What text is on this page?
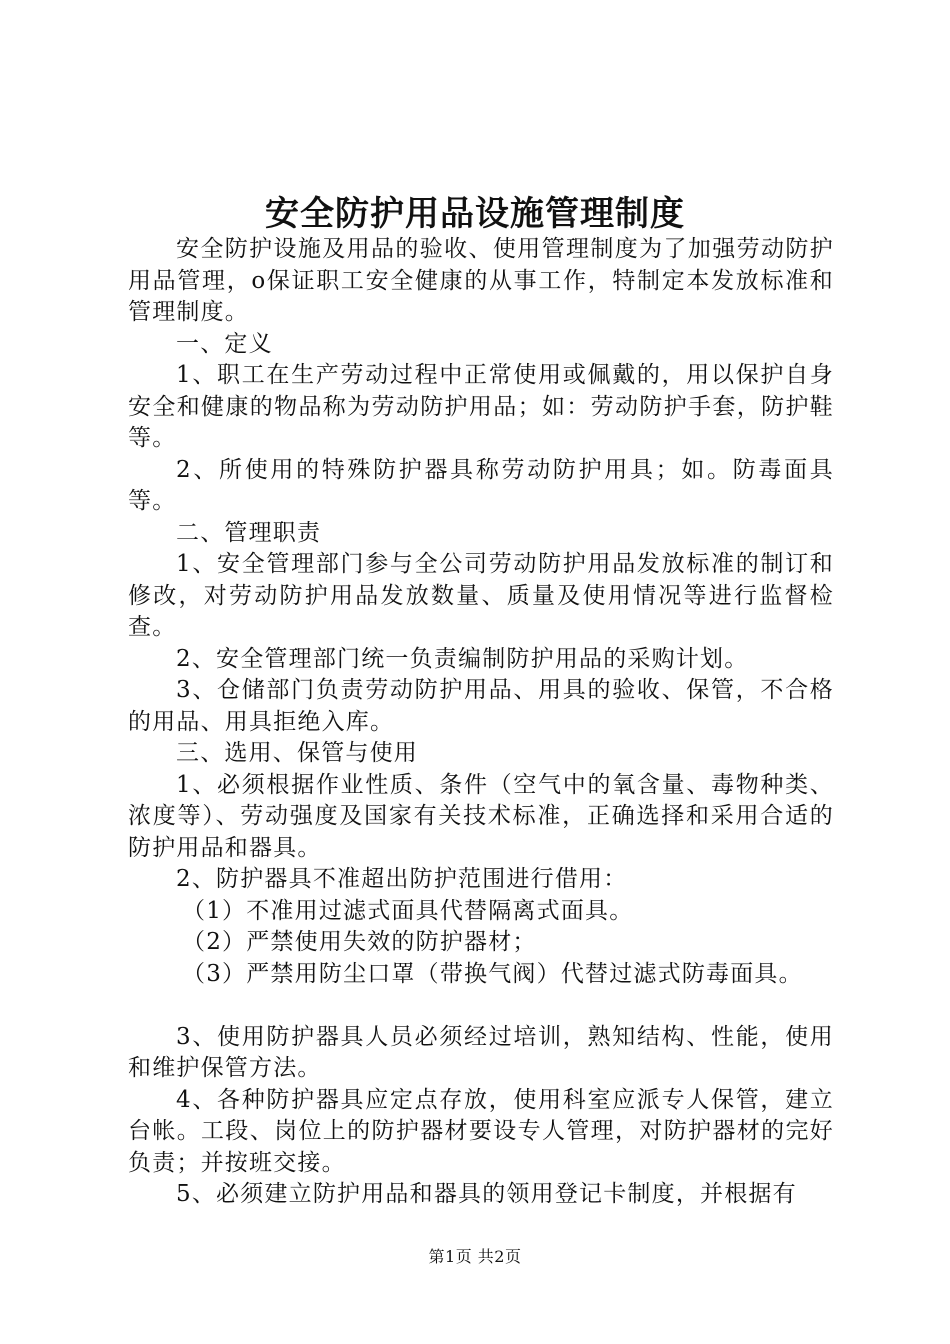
安全防护用品设施管理制度

安全防护设施及用品的验收、使用管理制度为了加强劳动防护用品管理，o保证职工安全健康的从事工作，特制定本发放标准和管理制度。

一、定义

1、职工在生产劳动过程中正常使用或佩戴的，用以保护自身安全和健康的物品称为劳动防护用品；如：劳动防护手套，防护鞋等。

2、所使用的特殊防护器具称劳动防护用具；如。防毒面具等。

二、管理职责

1、安全管理部门参与全公司劳动防护用品发放标准的制订和修改，对劳动防护用品发放数量、质量及使用情况等进行监督检查。

2、安全管理部门统一负责编制防护用品的采购计划。

3、仓储部门负责劳动防护用品、用具的验收、保管，不合格的用品、用具拒绝入库。

三、选用、保管与使用

1、必须根据作业性质、条件（空气中的氧含量、毒物种类、浓度等）、劳动强度及国家有关技术标准，正确选择和采用合适的防护用品和器具。

2、防护器具不准超出防护范围进行借用：

（1）不准用过滤式面具代替隔离式面具。

（2）严禁使用失效的防护器材；

（3）严禁用防尘口罩（带换气阀）代替过滤式防毒面具。

3、使用防护器具人员必须经过培训，熟知结构、性能，使用和维护保管方法。

4、各种防护器具应定点存放，使用科室应派专人保管，建立台帐。工段、岗位上的防护器材要设专人管理，对防护器材的完好负责；并按班交接。

5、必须建立防护用品和器具的领用登记卡制度，并根据有

第1页 共2页
